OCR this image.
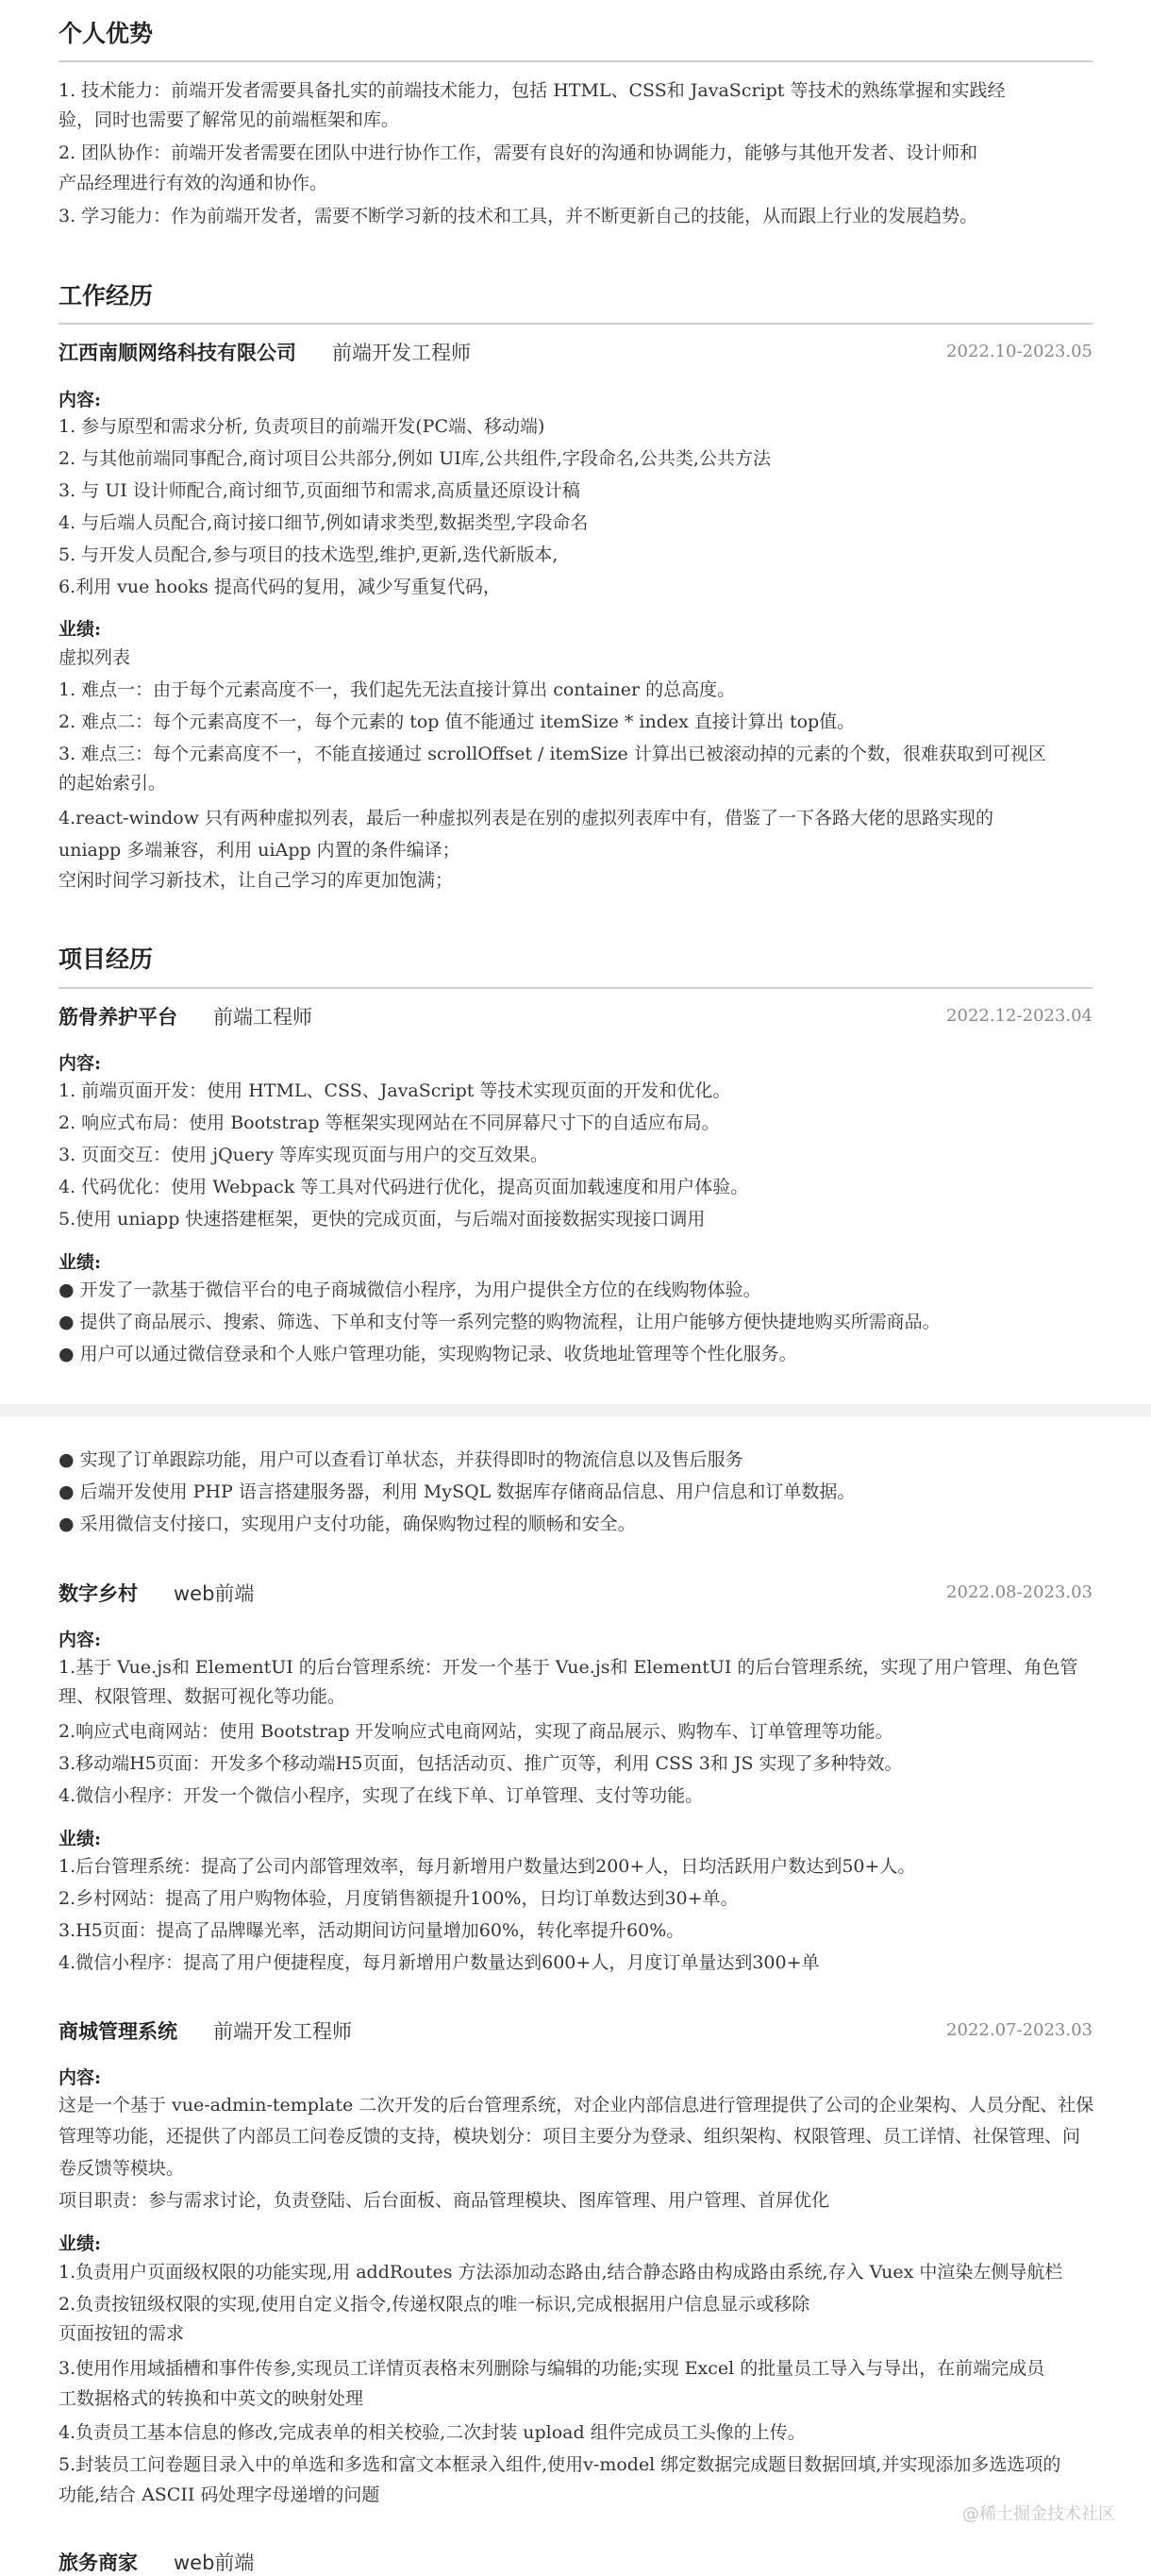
个人优势
1. 技术能力：前端开发者需要具备扎实的前端技术能力，包括 HTML、CSS和 JavaScript 等技术的熟练掌握和实践经
验，同时也需要了解常见的前端框架和库。
2. 团队协作：前端开发者需要在团队中进行协作工作，需要有良好的沟通和协调能力，能够与其他开发者、设计师和
产品经理进行有效的沟通和协作。
3. 学习能力：作为前端开发者，需要不断学习新的技术和工具，并不断更新自己的技能，从而跟上行业的发展趋势。
工作经历
江西南顺网络科技有限公司 前端开发工程师	2022.10-2023.05
内容:
1. 参与原型和需求分析, 负责项目的前端开发(PC端、移动端)
2. 与其他前端同事配合,商讨项目公共部分,例如 UI库,公共组件,字段命名,公共类,公共方法
3. 与 UI 设计师配合,商讨细节,页面细节和需求,高质量还原设计稿
4. 与后端人员配合,商讨接口细节,例如请求类型,数据类型,字段命名
5. 与开发人员配合,参与项目的技术选型,维护,更新,迭代新版本,
6.利用 vue hooks 提高代码的复用，减少写重复代码，
业绩:
虚拟列表
1. 难点一：由于每个元素高度不一，我们起先无法直接计算出 container 的总高度。
2. 难点二：每个元素高度不一，每个元素的 top 值不能通过 itemSize * index 直接计算出 top值。
3. 难点三：每个元素高度不一，不能直接通过 scrollOffset / itemSize 计算出已被滚动掉的元素的个数，很难获取到可视区
的起始索引。
4.react-window 只有两种虚拟列表，最后一种虚拟列表是在别的虚拟列表库中有，借鉴了一下各路大佬的思路实现的
uniapp 多端兼容，利用 uiApp 内置的条件编译；
空闲时间学习新技术，让自己学习的库更加饱满；
项目经历
筋骨养护平台 前端工程师	2022.12-2023.04
内容:
1. 前端页面开发：使用 HTML、CSS、JavaScript 等技术实现页面的开发和优化。
2. 响应式布局：使用 Bootstrap 等框架实现网站在不同屏幕尺寸下的自适应布局。
3. 页面交互：使用 jQuery 等库实现页面与用户的交互效果。
4. 代码优化：使用 Webpack 等工具对代码进行优化，提高页面加载速度和用户体验。
5.使用 uniapp 快速搭建框架，更快的完成页面，与后端对面接数据实现接口调用
业绩:
● 开发了一款基于微信平台的电子商城微信小程序，为用户提供全方位的在线购物体验。
● 提供了商品展示、搜索、筛选、下单和支付等一系列完整的购物流程，让用户能够方便快捷地购买所需商品。
● 用户可以通过微信登录和个人账户管理功能，实现购物记录、收货地址管理等个性化服务。
● 实现了订单跟踪功能，用户可以查看订单状态，并获得即时的物流信息以及售后服务
● 后端开发使用 PHP 语言搭建服务器，利用 MySQL 数据库存储商品信息、用户信息和订单数据。
● 采用微信支付接口，实现用户支付功能，确保购物过程的顺畅和安全。
数字乡村 web前端	2022.08-2023.03
内容:
1.基于 Vue.js和 ElementUI 的后台管理系统：开发一个基于 Vue.js和 ElementUI 的后台管理系统，实现了用户管理、角色管
理、权限管理、数据可视化等功能。
2.响应式电商网站：使用 Bootstrap 开发响应式电商网站，实现了商品展示、购物车、订单管理等功能。
3.移动端H5页面：开发多个移动端H5页面，包括活动页、推广页等，利用 CSS 3和 JS 实现了多种特效。
4.微信小程序：开发一个微信小程序，实现了在线下单、订单管理、支付等功能。
业绩:
1.后台管理系统：提高了公司内部管理效率，每月新增用户数量达到200+人，日均活跃用户数达到50+人。
2.乡村网站：提高了用户购物体验，月度销售额提升100%，日均订单数达到30+单。
3.H5页面：提高了品牌曝光率，活动期间访问量增加60%，转化率提升60%。
4.微信小程序：提高了用户便捷程度，每月新增用户数量达到600+人，月度订单量达到300+单
商城管理系统 前端开发工程师	2022.07-2023.03
内容:
这是一个基于 vue-admin-template 二次开发的后台管理系统，对企业内部信息进行管理提供了公司的企业架构、人员分配、社保
管理等功能，还提供了内部员工问卷反馈的支持，模块划分：项目主要分为登录、组织架构、权限管理、员工详情、社保管理、问
卷反馈等模块。
项目职责：参与需求讨论，负责登陆、后台面板、商品管理模块、图库管理、用户管理、首屏优化
业绩:
1.负责用户页面级权限的功能实现,用 addRoutes 方法添加动态路由,结合静态路由构成路由系统,存入 Vuex 中渲染左侧导航栏
2.负责按钮级权限的实现,使用自定义指令,传递权限点的唯一标识,完成根据用户信息显示或移除
页面按钮的需求
3.使用作用域插槽和事件传参,实现员工详情页表格末列删除与编辑的功能;实现 Excel 的批量员工导入与导出，在前端完成员
工数据格式的转换和中英文的映射处理
4.负责员工基本信息的修改,完成表单的相关校验,二次封装 upload 组件完成员工头像的上传。
5.封装员工问卷题目录入中的单选和多选和富文本框录入组件,使用v-model 绑定数据完成题目数据回填,并实现添加多选选项的
功能,结合 ASCII 码处理字母递增的问题
@稀土掘金技术社区
旅务商家 web前端
